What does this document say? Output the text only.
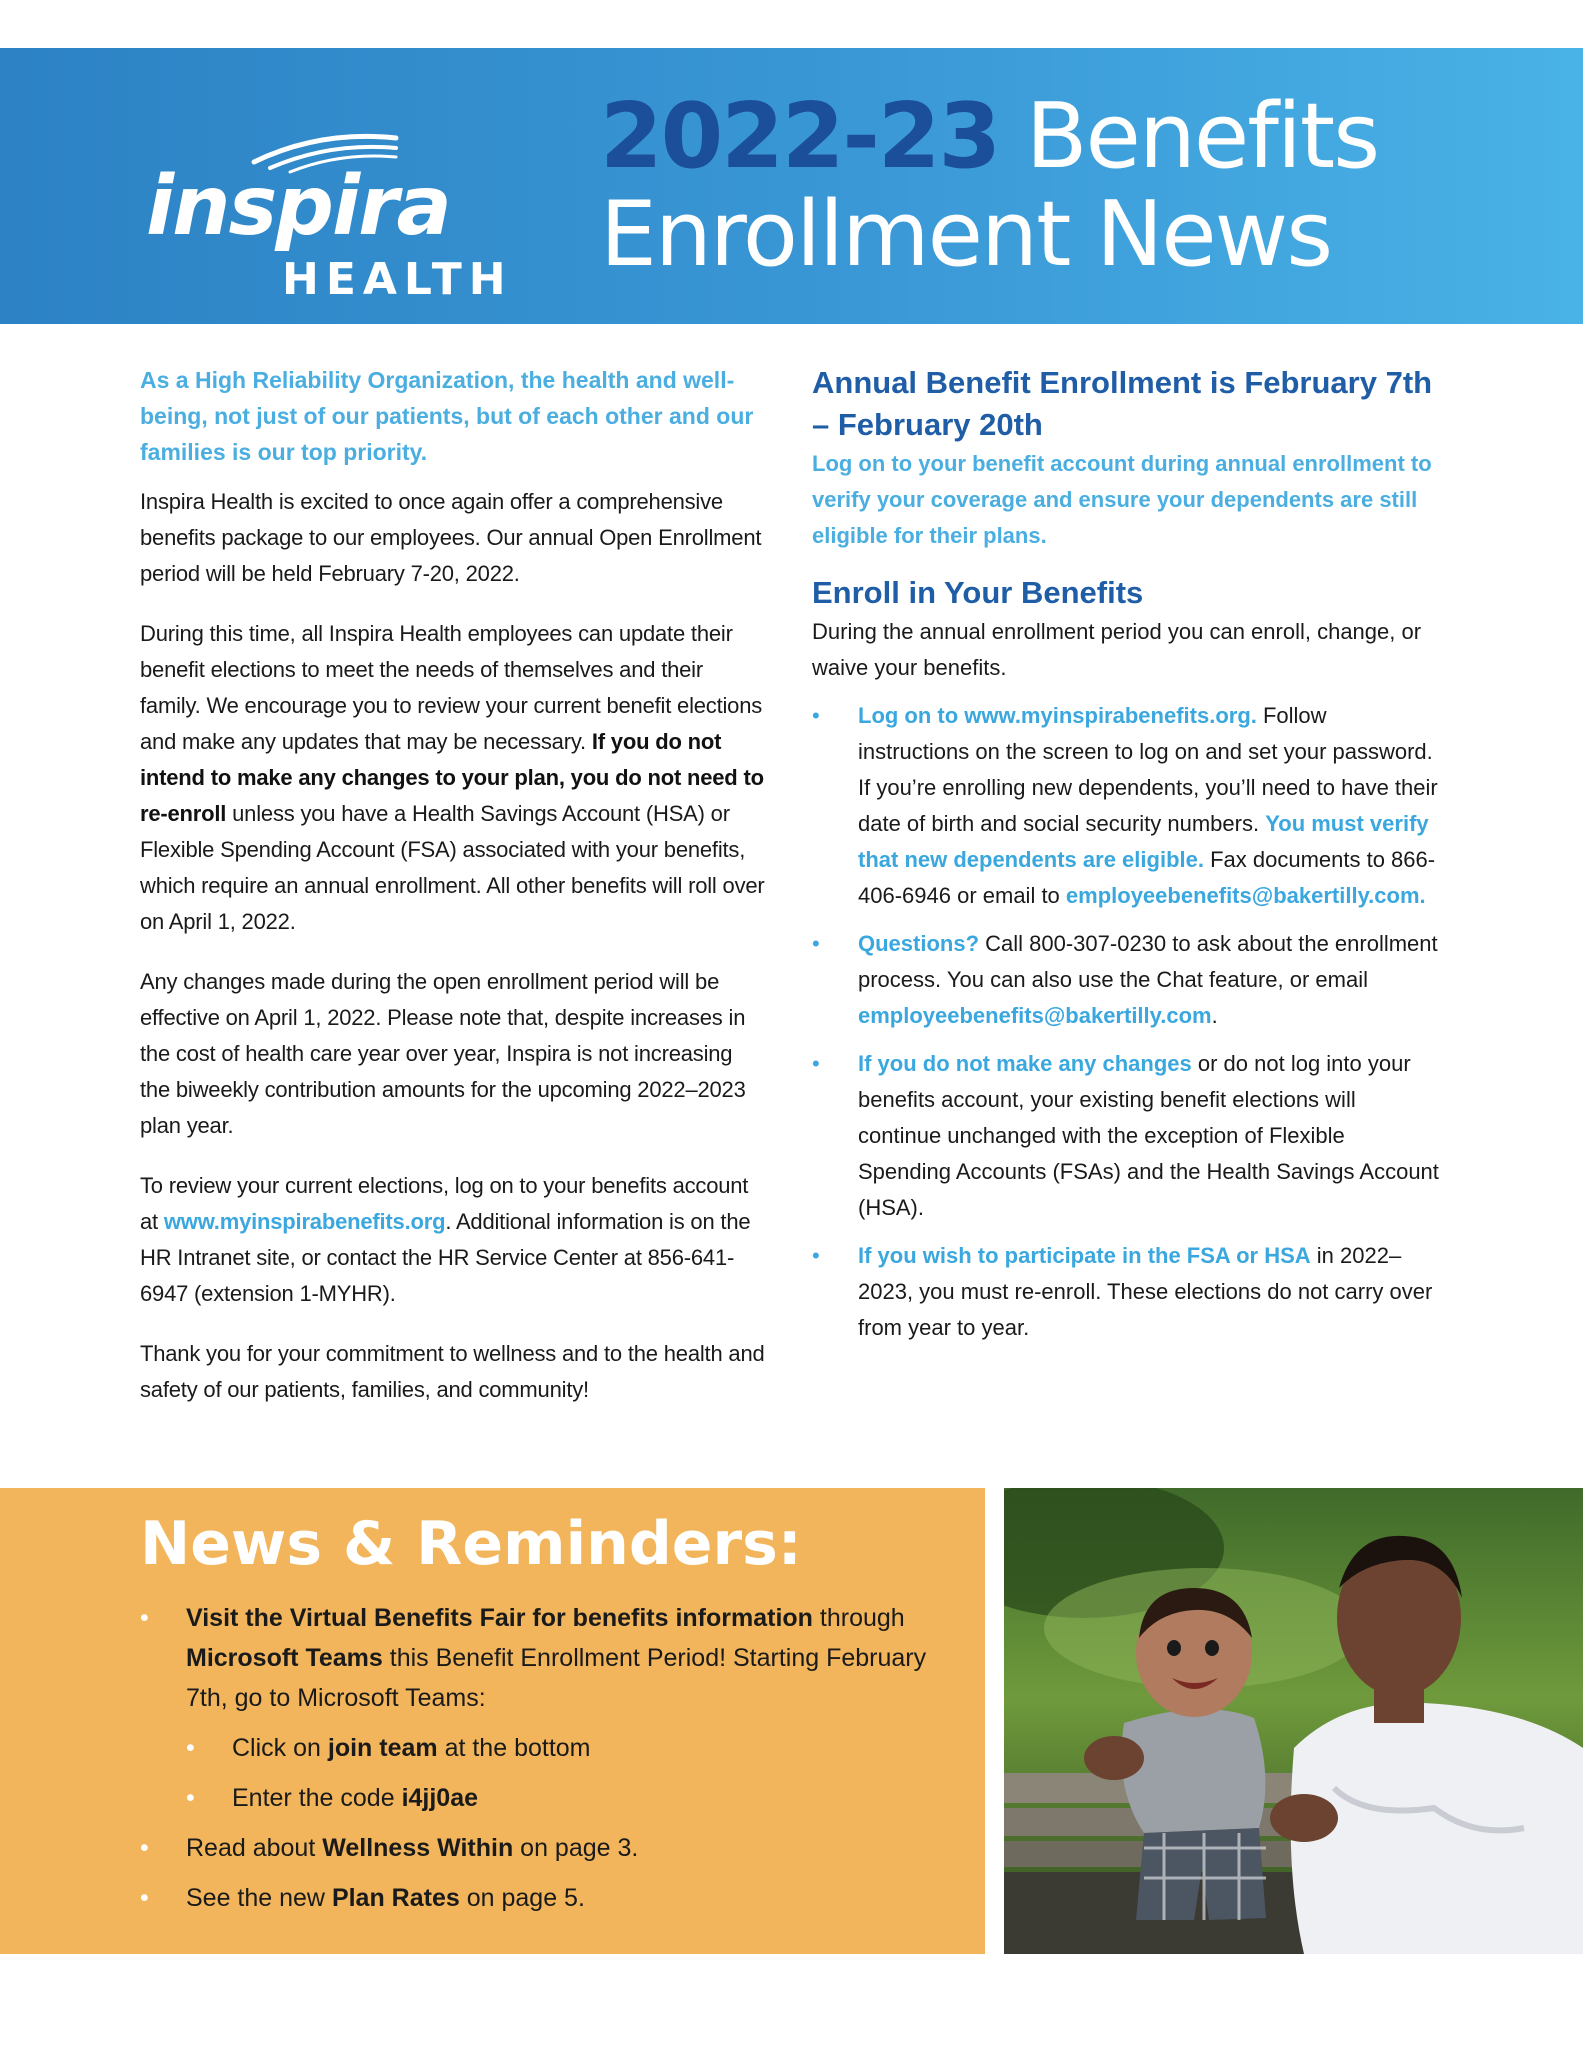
inspira
HEALTH
2022-23 Benefits
Enrollment News

As a High Reliability Organization, the health and well-being, not just of our patients, but of each other and our families is our top priority.

Inspira Health is excited to once again offer a comprehensive benefits package to our employees. Our annual Open Enrollment period will be held February 7-20, 2022.

During this time, all Inspira Health employees can update their benefit elections to meet the needs of themselves and their family. We encourage you to review your current benefit elections and make any updates that may be necessary. If you do not intend to make any changes to your plan, you do not need to re-enroll unless you have a Health Savings Account (HSA) or Flexible Spending Account (FSA) associated with your benefits, which require an annual enrollment. All other benefits will roll over on April 1, 2022.

Any changes made during the open enrollment period will be effective on April 1, 2022. Please note that, despite increases in the cost of health care year over year, Inspira is not increasing the biweekly contribution amounts for the upcoming 2022–2023 plan year.

To review your current elections, log on to your benefits account at www.myinspirabenefits.org. Additional information is on the HR Intranet site, or contact the HR Service Center at 856-641-6947 (extension 1-MYHR).

Thank you for your commitment to wellness and to the health and safety of our patients, families, and community!

Annual Benefit Enrollment is February 7th – February 20th

Log on to your benefit account during annual enrollment to verify your coverage and ensure your dependents are still eligible for their plans.

Enroll in Your Benefits

During the annual enrollment period you can enroll, change, or waive your benefits.

• Log on to www.myinspirabenefits.org. Follow instructions on the screen to log on and set your password. If you’re enrolling new dependents, you’ll need to have their date of birth and social security numbers. You must verify that new dependents are eligible. Fax documents to 866-406-6946 or email to employeebenefits@bakertilly.com.
• Questions? Call 800-307-0230 to ask about the enrollment process. You can also use the Chat feature, or email employeebenefits@bakertilly.com.
• If you do not make any changes or do not log into your benefits account, your existing benefit elections will continue unchanged with the exception of Flexible Spending Accounts (FSAs) and the Health Savings Account (HSA).
• If you wish to participate in the FSA or HSA in 2022–2023, you must re-enroll. These elections do not carry over from year to year.
News & Reminders:
• Visit the Virtual Benefits Fair for benefits information through Microsoft Teams this Benefit Enrollment Period! Starting February 7th, go to Microsoft Teams:
• Click on join team at the bottom
• Enter the code i4jj0ae
• Read about Wellness Within on page 3.
• See the new Plan Rates on page 5.
